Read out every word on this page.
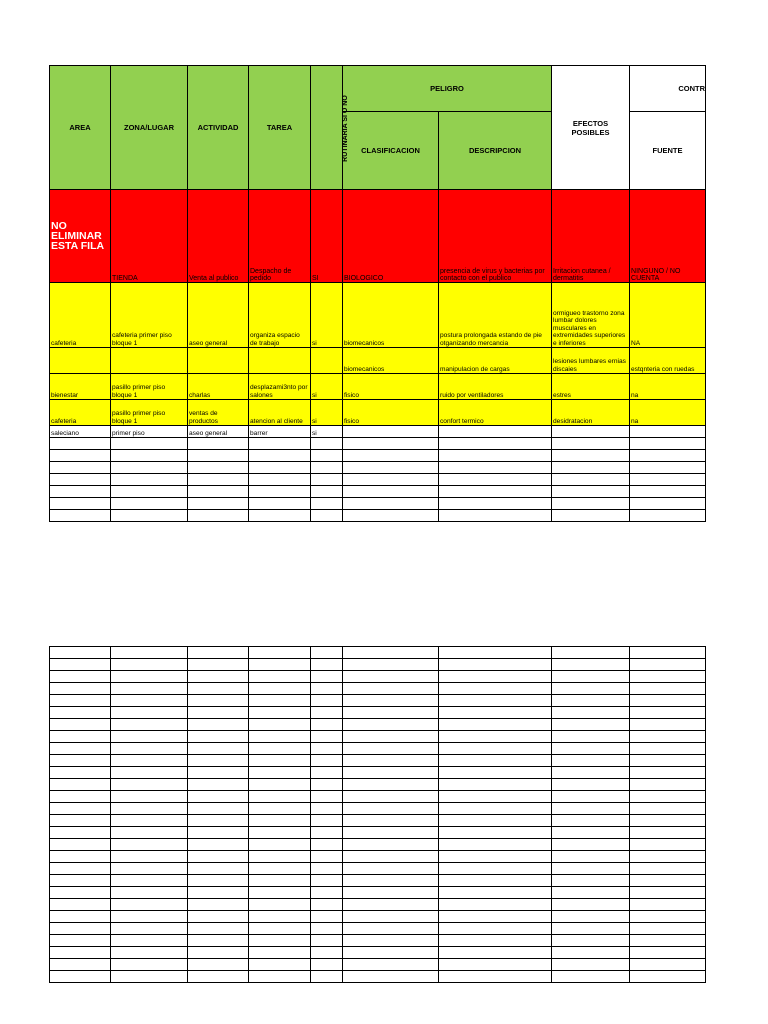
AREA	ZONA/LUGAR	ACTIVIDAD	TAREA	RUTINARIA SI O NO	PELIGRO		EFECTOS POSIBLES	CONTR
					CLASIFICACION	DESCRIPCION		FUENTE
NO ELIMINAR ESTA FILA	TIENDA	Venta al publico	Despacho de pedido	SI	BIOLOGICO	presencia de virus y bacterias por contacto con el publico	Irritacion cutanea / dermatitis	NINGUNO / NO CUENTA
cafeteria	cafeteria primer piso bloque 1	aseo general	organiza espacio de trabajo	si	biomecanicos	postura prolongada estando de pie otganizando mercancia	ormigueo trastorno zona lumbar dolores musculares en extremidades superiores e inferiores	NA
					biomecanicos	manipulacion de cargas	lesiones lumbares ernias discaies	estqnteria con ruedas
bienestar	pasillo primer piso bloque 1	charlas	desplazami3nto por salones	si	fisico	ruido por ventiladores	estres	na
cafeteria	pasillo primer piso bloque 1	ventas de productos	atencion al cliente	si	fisico	confort termico	desidratacion	na
saleciano	primer piso	aseo general	barrer	si				
